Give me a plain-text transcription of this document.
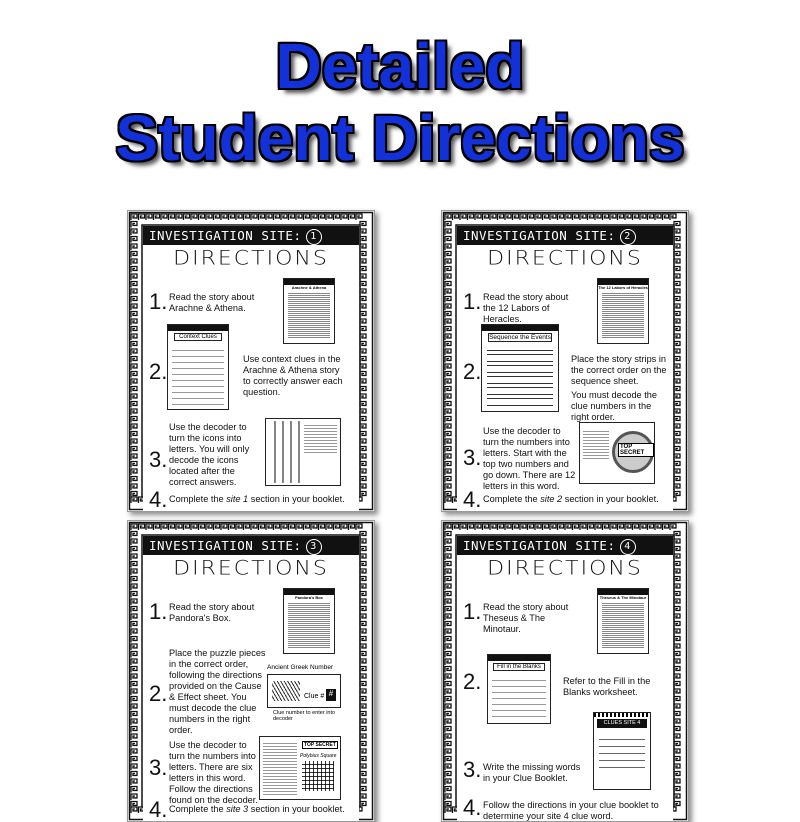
Detailed
Student Directions
INVESTIGATION SITE: 1
DIRECTIONS
1. Read the story about Arachne & Athena.
Arachne & Athena
2.
Context Clues
Use context clues in the Arachne & Athena story to correctly answer each question.
3.
Use the decoder to turn the icons into letters. You will only decode the icons located after the correct answers.
4. Complete the site 1 section in your booklet.
INVESTIGATION SITE: 2
DIRECTIONS
1. Read the story about the 12 Labors of Heracles.
The 12 Labors of Heracles
2.
Sequence the Events
Place the story strips in the correct order on the sequence sheet.
You must decode the clue numbers in the right order.
3.
Use the decoder to turn the numbers into letters. Start with the top two numbers and go down. There are 12 letters in this word.
TOP SECRET
4. Complete the site 2 section in your booklet.
INVESTIGATION SITE: 3
DIRECTIONS
1. Read the story about Pandora's Box.
Pandora's Box
2.
Place the puzzle pieces in the correct order, following the directions provided on the Cause & Effect sheet. You must decode the clue numbers in the right order.
Ancient Greek Number
Clue # #
Clue number to enter into decoder
3.
Use the decoder to turn the numbers into letters. There are six letters in this word. Follow the directions found on the decoder.
TOP SECRET
Polybius Square
4. Complete the site 3 section in your booklet.
INVESTIGATION SITE: 4
DIRECTIONS
1. Read the story about Theseus & The Minotaur.
Theseus & The Minotaur
2.
Fill in the Blanks
Refer to the Fill in the Blanks worksheet.
3. Write the missing words in your Clue Booklet.
CLUES SITE 4
4. Follow the directions in your clue booklet to determine your site 4 clue word.
